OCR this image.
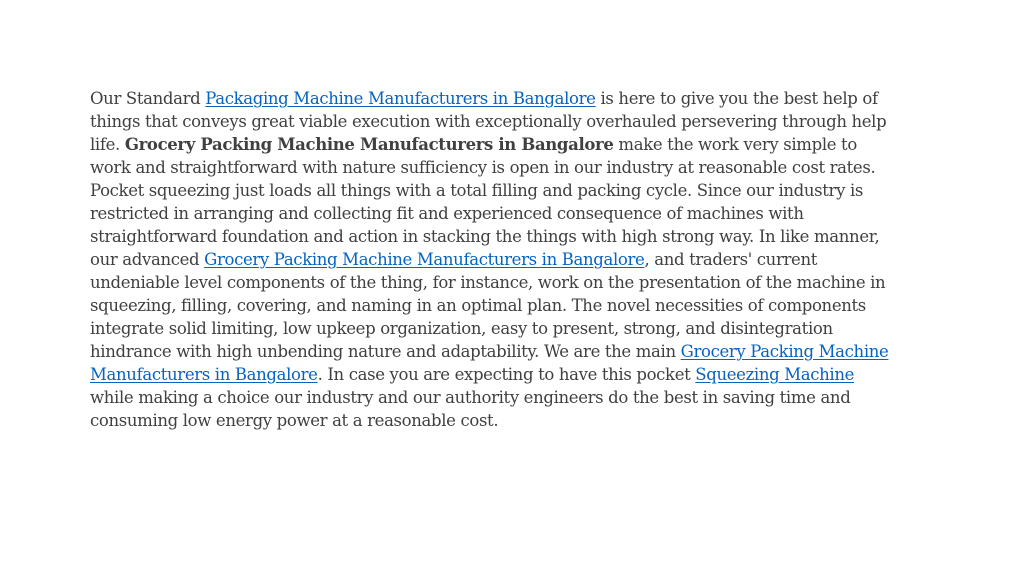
Our Standard Packaging Machine Manufacturers in Bangalore is here to give you the best help of things that conveys great viable execution with exceptionally overhauled persevering through help life. Grocery Packing Machine Manufacturers in Bangalore make the work very simple to work and straightforward with nature sufficiency is open in our industry at reasonable cost rates. Pocket squeezing just loads all things with a total filling and packing cycle. Since our industry is restricted in arranging and collecting fit and experienced consequence of machines with straightforward foundation and action in stacking the things with high strong way. In like manner, our advanced Grocery Packing Machine Manufacturers in Bangalore, and traders' current undeniable level components of the thing, for instance, work on the presentation of the machine in squeezing, filling, covering, and naming in an optimal plan. The novel necessities of components integrate solid limiting, low upkeep organization, easy to present, strong, and disintegration hindrance with high unbending nature and adaptability. We are the main Grocery Packing Machine Manufacturers in Bangalore. In case you are expecting to have this pocket Squeezing Machine while making a choice our industry and our authority engineers do the best in saving time and consuming low energy power at a reasonable cost.
